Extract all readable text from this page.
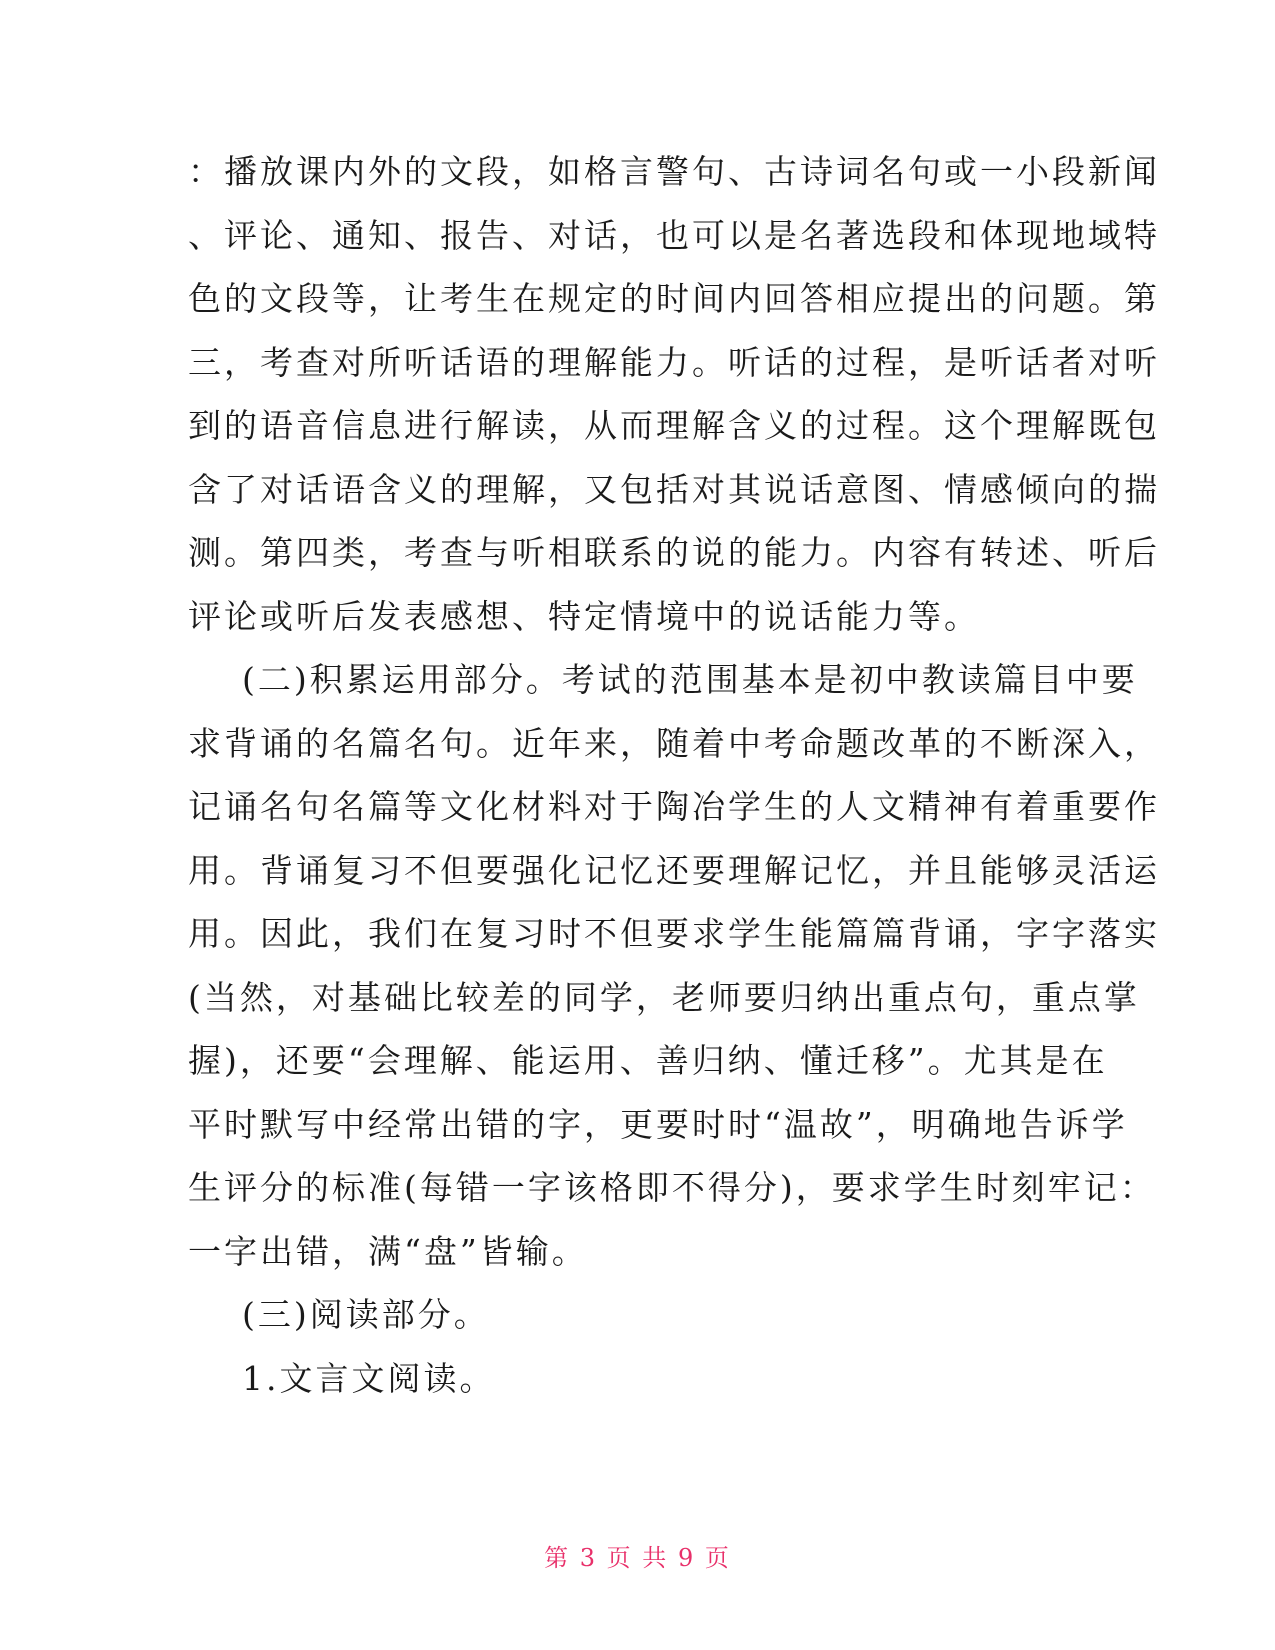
：播放课内外的文段，如格言警句、古诗词名句或一小段新闻
、评论、通知、报告、对话，也可以是名著选段和体现地域特
色的文段等，让考生在规定的时间内回答相应提出的问题。第
三，考查对所听话语的理解能力。听话的过程，是听话者对听
到的语音信息进行解读，从而理解含义的过程。这个理解既包
含了对话语含义的理解，又包括对其说话意图、情感倾向的揣
测。第四类，考查与听相联系的说的能力。内容有转述、听后
评论或听后发表感想、特定情境中的说话能力等。
(二)积累运用部分。考试的范围基本是初中教读篇目中要
求背诵的名篇名句。近年来，随着中考命题改革的不断深入，
记诵名句名篇等文化材料对于陶冶学生的人文精神有着重要作
用。背诵复习不但要强化记忆还要理解记忆，并且能够灵活运
用。因此，我们在复习时不但要求学生能篇篇背诵，字字落实
(当然，对基础比较差的同学，老师要归纳出重点句，重点掌
握)，还要“会理解、能运用、善归纳、懂迁移”。尤其是在
平时默写中经常出错的字，更要时时“温故”，明确地告诉学
生评分的标准(每错一字该格即不得分)，要求学生时刻牢记：
一字出错，满“盘”皆输。
(三)阅读部分。
1.文言文阅读。
第 3 页 共 9 页
